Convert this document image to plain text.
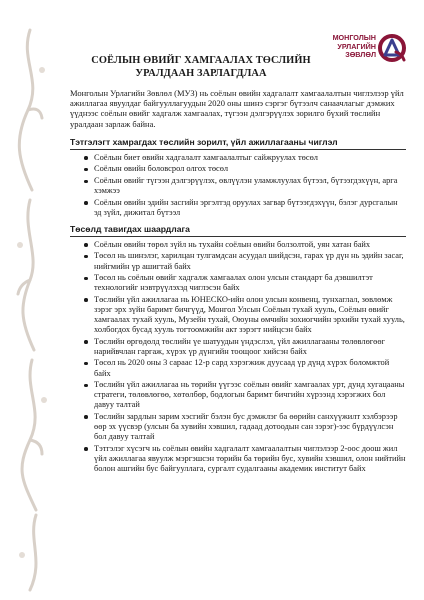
МОНГОЛЫН
УРЛАГИЙН
ЗӨВЛӨЛ
СОЁЛЫН ӨВИЙГ ХАМГААЛАХ ТӨСЛИЙН УРАЛДААН ЗАРЛАГДЛАА

Монголын Урлагийн Зөвлөл (МУЗ) нь соёлын өвийн хадгалалт хамгаалалтын чиглэлээр үйл ажиллагаа явуулдаг байгууллагуудын 2020 оны шинэ сэргэг бүтээлч санаачлагыг дэмжих үүднээс соёлын өвийг хадгалж хамгаалах, түгээн дэлгэрүүлэх зорилго бүхий төслийн уралдаан зарлаж байна.

Тэтгэлэгт хамрагдах төслийн зорилт, үйл ажиллагааны чиглэл
Соёлын биет өвийн хадгалалт хамгаалалтыг сайжруулах төсөл
Соёлын өвийн боловсрол олгох төсөл
Соёлын өвийг түгээн дэлгэрүүлэх, өвлүүлэн уламжлуулах бүтээл, бүтээгдэхүүн, арга хэмжээ
Соёлын өвийн эдийн засгийн эргэлтэд оруулах загвар бүтээгдэхүүн, бэлэг дурсгалын эд зүйл, дижитал бүтээл
Төсөлд тавигдах шаардлага
Соёлын өвийн төрөл зүйл нь тухайн соёлын өвийн болзолтой, уян хатан байх
Төсөл нь шинэлэг, харилцан тулгамдсан асуудал шийдсэн, гарах үр дүн нь эдийн засаг, нийгмийн үр ашигтай байх
Төсөл нь соёлын өвийг хадгалж хамгаалах олон улсын стандарт ба дэвшилтэт технологийг нэвтрүүлэхэд чиглэсэн байх
Төслийн үйл ажиллагаа нь ЮНЕСКО-ийн олон улсын конвенц, тунхаглал, зөвлөмж зэрэг эрх зүйн баримт бичгүүд, Монгол Улсын Соёлын тухай хууль, Соёлын өвийг хамгаалах тухай хууль, Музейн тухай, Оюуны өмчийн зохиогчийн эрхийн тухай хууль, холбогдох бусад хууль тогтоомжийн акт зэрэгт нийцсэн байх
Төслийн өргөдөлд төслийн үе шатуудын үндэслэл, үйл ажиллагааны төлөвлөгөөг нарийвчлан гаргаж, хүрэх үр дүнгийн тоощоог хийсэн байх
Төсөл нь 2020 оны 3 сараас 12-р сард хэрэгжиж дуусаад үр дүнд хүрэх боломжтой байх
Төслийн үйл ажиллагаа нь төрийн үүгээс соёлын өвийг хамгаалах урт, дунд хугацааны стратеги, төлөвлөгөө, хөтөлбөр, бодлогын баримт бичгийн хүрээнд хэрэгжих бол давуу талтай
Төслийн зардлын зарим хэсгийг бэлэн бус дэмжлэг ба өөрийн санхүүжилт хэлбэрээр өөр эх үүсвэр (улсын ба хувийн хэвшил, гадаад дотоодын сан зэрэг)-ээс бүрдүүлсэн бол давуу талтай
Тэтгэлэг хүсэгч нь соёлын өвийн хадгалалт хамгаалалтын чиглэлээр 2-оос доош жил үйл ажиллагаа явуулж мэргэшсэн төрийн ба төрийн бус, хувийн хэвшил, олон нийтийн болон ашгийн бус байгууллага, сургалт судалгааны академик институт байх
